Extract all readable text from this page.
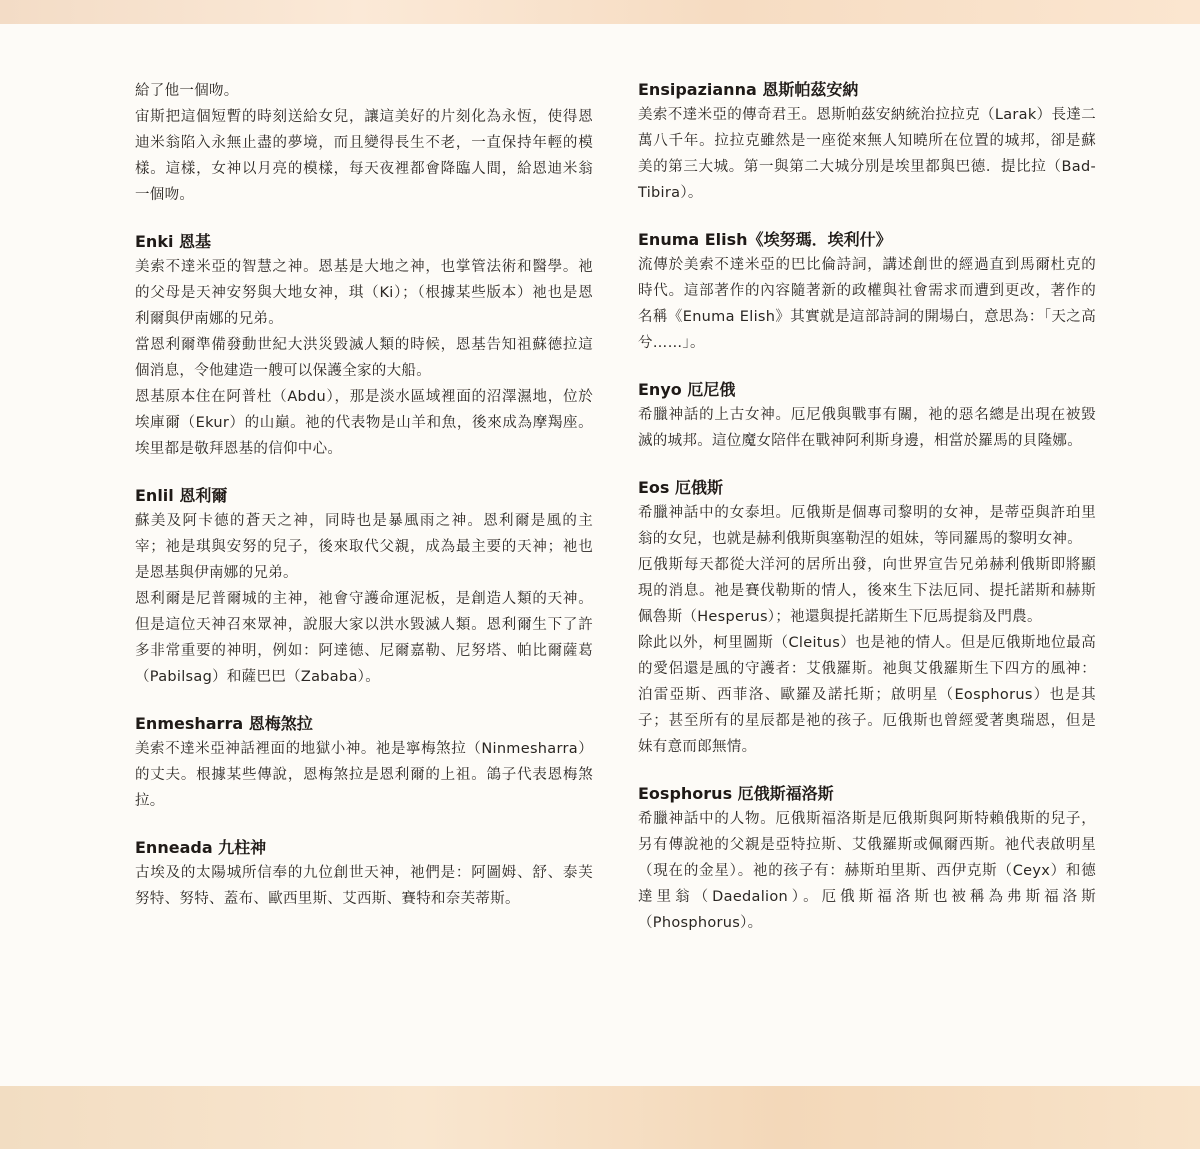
給了他一個吻。

宙斯把這個短暫的時刻送給女兒，讓這美好的片刻化為永恆，使得恩迪米翁陷入永無止盡的夢境，而且變得長生不老，一直保持年輕的模樣。這樣，女神以月亮的模樣，每天夜裡都會降臨人間，給恩迪米翁一個吻。

Enki 恩基

美索不達米亞的智慧之神。恩基是大地之神，也掌管法術和醫學。祂的父母是天神安努與大地女神，琪（Ki）；（根據某些版本）祂也是恩利爾與伊南娜的兄弟。

當恩利爾準備發動世紀大洪災毀滅人類的時候，恩基告知祖蘇德拉這個消息，令他建造一艘可以保護全家的大船。

恩基原本住在阿普杜（Abdu），那是淡水區域裡面的沼澤濕地，位於埃庫爾（Ekur）的山巔。祂的代表物是山羊和魚，後來成為摩羯座。埃里都是敬拜恩基的信仰中心。

Enlil 恩利爾

蘇美及阿卡德的蒼天之神，同時也是暴風雨之神。恩利爾是風的主宰；祂是琪與安努的兒子，後來取代父親，成為最主要的天神；祂也是恩基與伊南娜的兄弟。

恩利爾是尼普爾城的主神，祂會守護命運泥板，是創造人類的天神。但是這位天神召來眾神，說服大家以洪水毀滅人類。恩利爾生下了許多非常重要的神明，例如：阿達德、尼爾嘉勒、尼努塔、帕比爾薩葛（Pabilsag）和薩巴巴（Zababa）。

Enmesharra 恩梅煞拉

美索不達米亞神話裡面的地獄小神。祂是寧梅煞拉（Ninmesharra）的丈夫。根據某些傳說，恩梅煞拉是恩利爾的上祖。鴿子代表恩梅煞拉。

Enneada 九柱神

古埃及的太陽城所信奉的九位創世天神，祂們是：阿圖姆、舒、泰芙努特、努特、蓋布、歐西里斯、艾西斯、賽特和奈芙蒂斯。

Ensipazianna 恩斯帕茲安納

美索不達米亞的傳奇君王。恩斯帕茲安納統治拉拉克（Larak）長達二萬八千年。拉拉克雖然是一座從來無人知曉所在位置的城邦，卻是蘇美的第三大城。第一與第二大城分別是埃里都與巴德．提比拉（Bad-Tibira）。

Enuma Elish《埃努瑪．埃利什》

流傳於美索不達米亞的巴比倫詩詞，講述創世的經過直到馬爾杜克的時代。這部著作的內容隨著新的政權與社會需求而遭到更改，著作的名稱《Enuma Elish》其實就是這部詩詞的開場白，意思為：「天之高兮……」。

Enyo 厄尼俄

希臘神話的上古女神。厄尼俄與戰事有關，祂的惡名總是出現在被毀滅的城邦。這位魔女陪伴在戰神阿利斯身邊，相當於羅馬的貝隆娜。

Eos 厄俄斯

希臘神話中的女泰坦。厄俄斯是個專司黎明的女神，是蒂亞與許珀里翁的女兒，也就是赫利俄斯與塞勒涅的姐妹，等同羅馬的黎明女神。

厄俄斯每天都從大洋河的居所出發，向世界宣告兄弟赫利俄斯即將顯現的消息。祂是賽伐勒斯的情人，後來生下法厄同、提托諾斯和赫斯佩魯斯（Hesperus）；祂還與提托諾斯生下厄馬提翁及門農。

除此以外，柯里圖斯（Cleitus）也是祂的情人。但是厄俄斯地位最高的愛侶還是風的守護者：艾俄羅斯。祂與艾俄羅斯生下四方的風神：泊雷亞斯、西菲洛、歐羅及諾托斯；啟明星（Eosphorus）也是其子；甚至所有的星辰都是祂的孩子。厄俄斯也曾經愛著奧瑞恩，但是妹有意而郎無情。

Eosphorus 厄俄斯福洛斯

希臘神話中的人物。厄俄斯福洛斯是厄俄斯與阿斯特賴俄斯的兒子，另有傳說祂的父親是亞特拉斯、艾俄羅斯或佩爾西斯。祂代表啟明星（現在的金星）。祂的孩子有：赫斯珀里斯、西伊克斯（Ceyx）和德達里翁（Daedalion）。厄俄斯福洛斯也被稱為弗斯福洛斯（Phosphorus）。
